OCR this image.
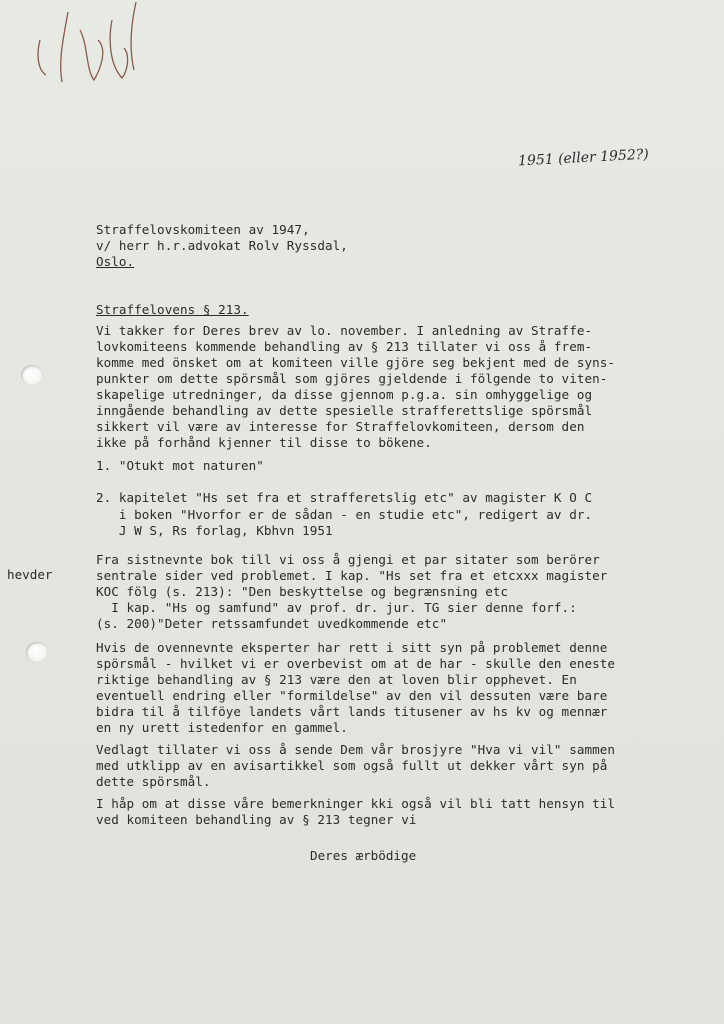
1951 (eller 1952?)
Straffelovskomiteen av 1947,
v/ herr h.r.advokat Rolv Ryssdal,
Oslo.
Straffelovens § 213.
Vi takker for Deres brev av lo. november. I anledning av Straffe-
lovkomiteens kommende behandling av § 213 tillater vi oss å frem-
komme med önsket om at komiteen ville gjöre seg bekjent med de syns-
punkter om dette spörsmål som gjöres gjeldende i fölgende to viten-
skapelige utredninger, da disse gjennom p.g.a. sin omhyggelige og
inngående behandling av dette spesielle strafferettslige spörsmål
sikkert vil være av interesse for Straffelovkomiteen, dersom den
ikke på forhånd kjenner til disse to bökene.
1. "Otukt mot naturen"
2. kapitelet "Hs set fra et strafferetslig etc" av magister K O C
i boken "Hvorfor er de sådan - en studie etc", redigert av dr.
J W S, Rs forlag, Kbhvn 1951
hevder
Fra sistnevnte bok till vi oss å gjengi et par sitater som berörer
sentrale sider ved problemet. I kap. "Hs set fra et etcxxx magister
KOC fölg (s. 213): "Den beskyttelse og begrænsning etc
I kap. "Hs og samfund" av prof. dr. jur. TG sier denne forf.:
(s. 200)"Deter retssamfundet uvedkommende etc"
Hvis de ovennevnte eksperter har rett i sitt syn på problemet denne
spörsmål - hvilket vi er overbevist om at de har - skulle den eneste
riktige behandling av § 213 være den at loven blir opphevet. En
eventuell endring eller "formildelse" av den vil dessuten være bare
bidra til å tilföye landets vårt lands titusener av hs kv og mennær
en ny urett istedenfor en gammel.
Vedlagt tillater vi oss å sende Dem vår brosjyre "Hva vi vil" sammen
med utklipp av en avisartikkel som også fullt ut dekker vårt syn på
dette spörsmål.
I håp om at disse våre bemerkninger kki også vil bli tatt hensyn til
ved komiteen behandling av § 213 tegner vi
Deres ærbödige
